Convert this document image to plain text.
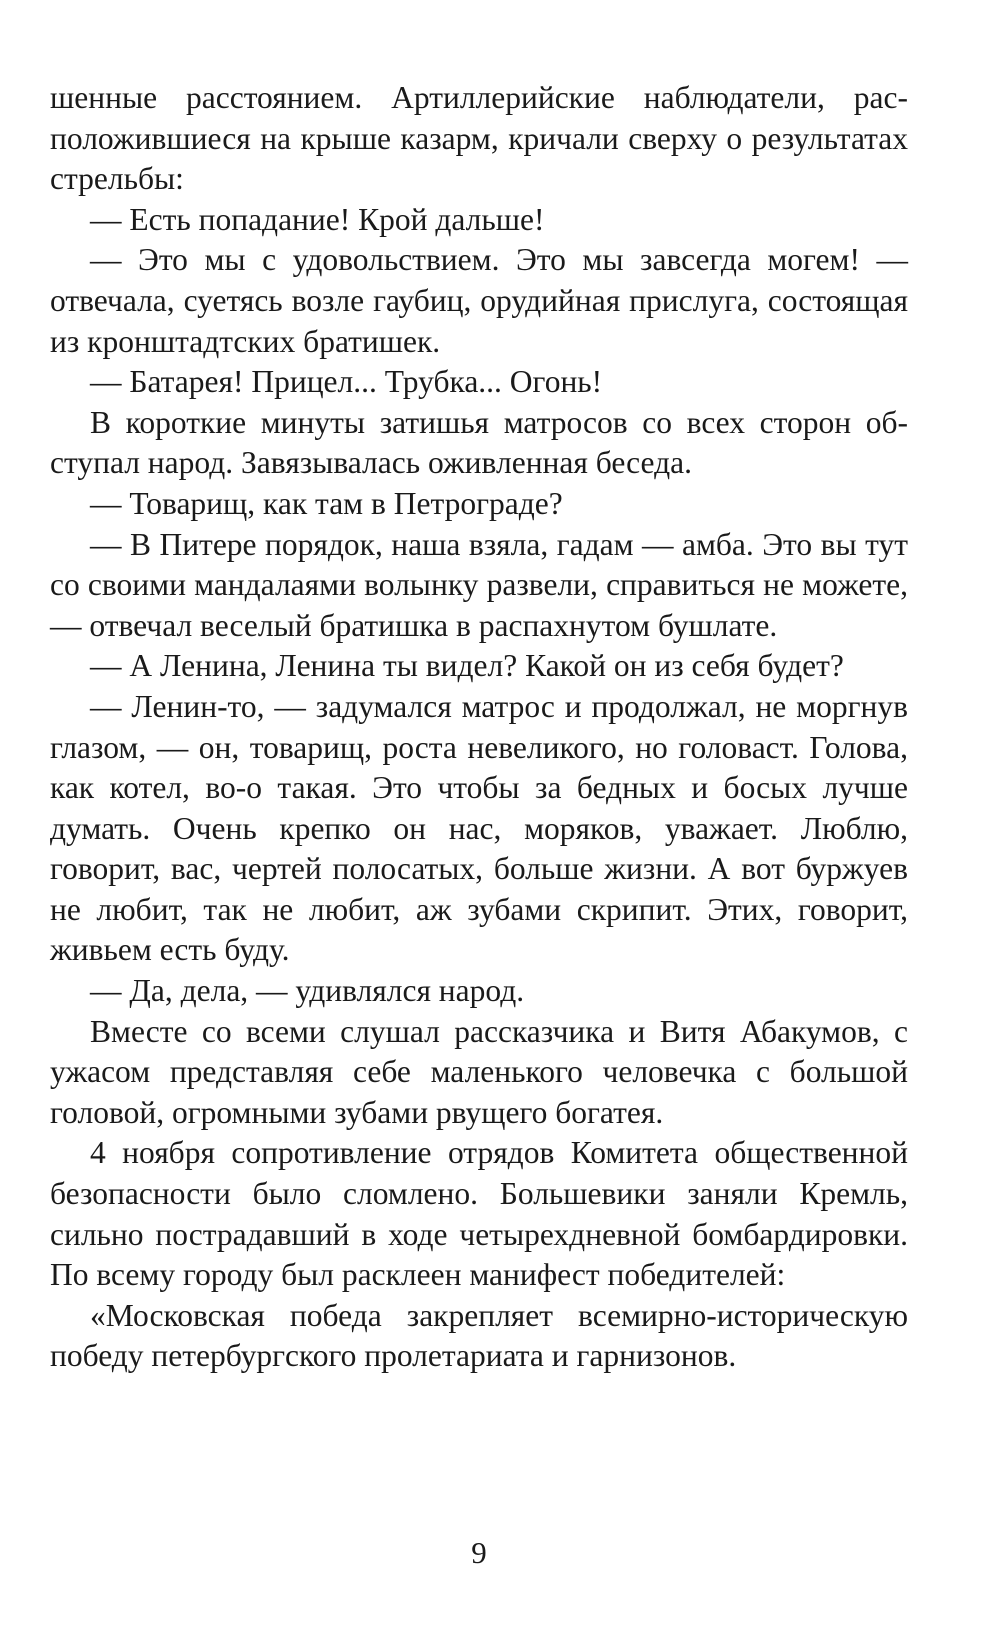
шенные расстоянием. Артиллерийские наблюдатели, расположившиеся на крыше казарм, кричали сверху о результатах стрельбы:

— Есть попадание! Крой дальше!

— Это мы с удовольствием. Это мы завсегда могем! — отвечала, суетясь возле гаубиц, орудийная прислуга, состоящая из кронштадтских братишек.

— Батарея! Прицел... Трубка... Огонь!

В короткие минуты затишья матросов со всех сторон обступал народ. Завязывалась оживленная беседа.

— Товарищ, как там в Петрограде?

— В Питере порядок, наша взяла, гадам — амба. Это вы тут со своими мандалаями волынку развели, справиться не можете, — отвечал веселый братишка в распахнутом бушлате.

— А Ленина, Ленина ты видел? Какой он из себя будет?

— Ленин-то, — задумался матрос и продолжал, не моргнув глазом, — он, товарищ, роста невеликого, но головаст. Голова, как котел, во-о такая. Это чтобы за бедных и босых лучше думать. Очень крепко он нас, моряков, уважает. Люблю, говорит, вас, чертей полосатых, больше жизни. А вот буржуев не любит, так не любит, аж зубами скрипит. Этих, говорит, живьем есть буду.

— Да, дела, — удивлялся народ.

Вместе со всеми слушал рассказчика и Витя Абакумов, с ужасом представляя себе маленького человечка с большой головой, огромными зубами рвущего богатея.

4 ноября сопротивление отрядов Комитета общественной безопасности было сломлено. Большевики заняли Кремль, сильно пострадавший в ходе четырехдневной бомбардировки. По всему городу был расклеен манифест победителей:

«Московская победа закрепляет всемирно-историческую победу петербургского пролетариата и гарнизонов.

9
